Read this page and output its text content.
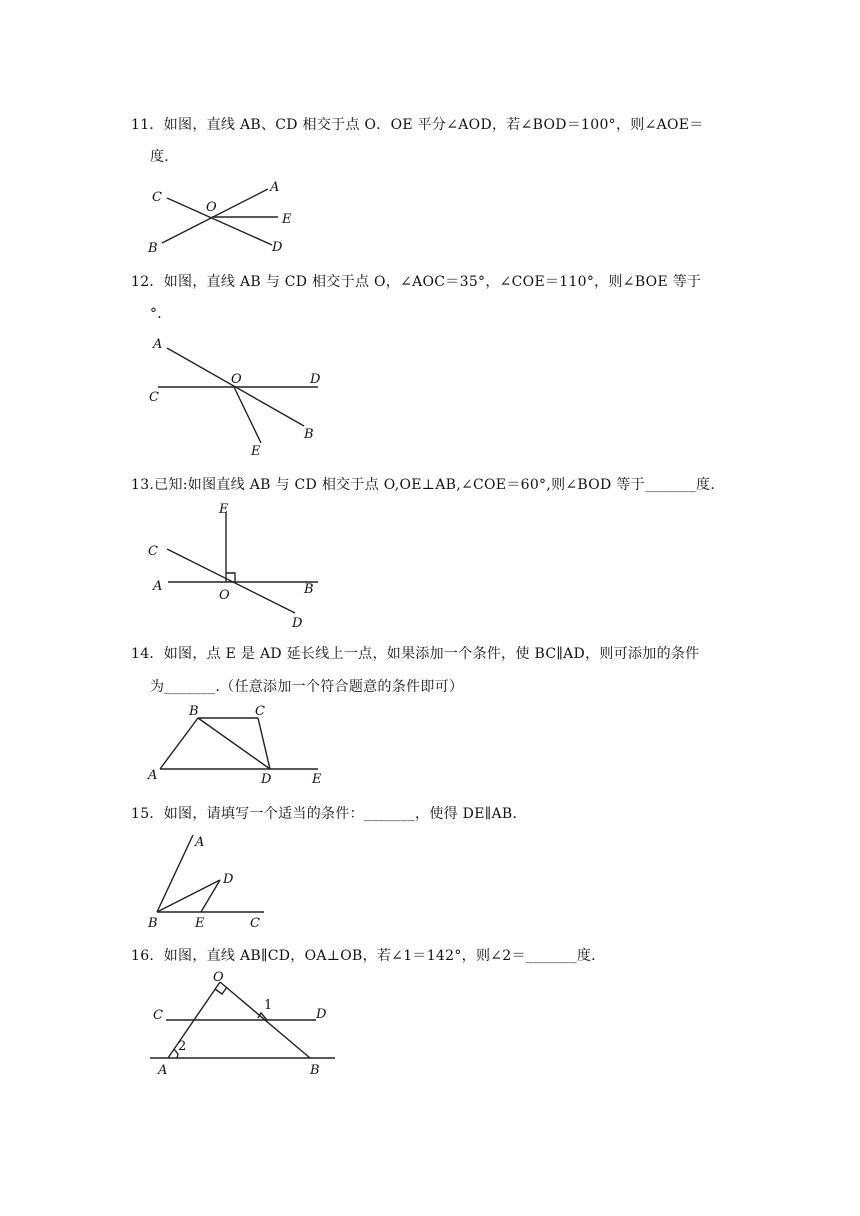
11．如图，直线 AB、CD 相交于点 O．OE 平分∠AOD，若∠BOD＝100°，则∠AOE＝
度．
C
O
A
E
B	D
12．如图，直线 AB 与 CD 相交于点 O，∠AOC＝35°，∠COE＝110°，则∠BOE 等于
°．
A
O	D
C
B
E
13.已知:如图直线 AB 与 CD 相交于点 O,OE⊥AB,∠COE＝60°,则∠BOD 等于_______度.
E
C
A
O	B
D
14．如图，点 E 是 AD 延长线上一点，如果添加一个条件，使 BC∥AD，则可添加的条件
为_______.（任意添加一个符合题意的条件即可）
B	C
A	D	E
15．如图，请填写一个适当的条件：_______，使得 DE∥AB．
A
D
B	E	C
16．如图，直线 AB∥CD，OA⊥OB，若∠1＝142°，则∠2＝_______度．
O
C	D
A	B
1
2
